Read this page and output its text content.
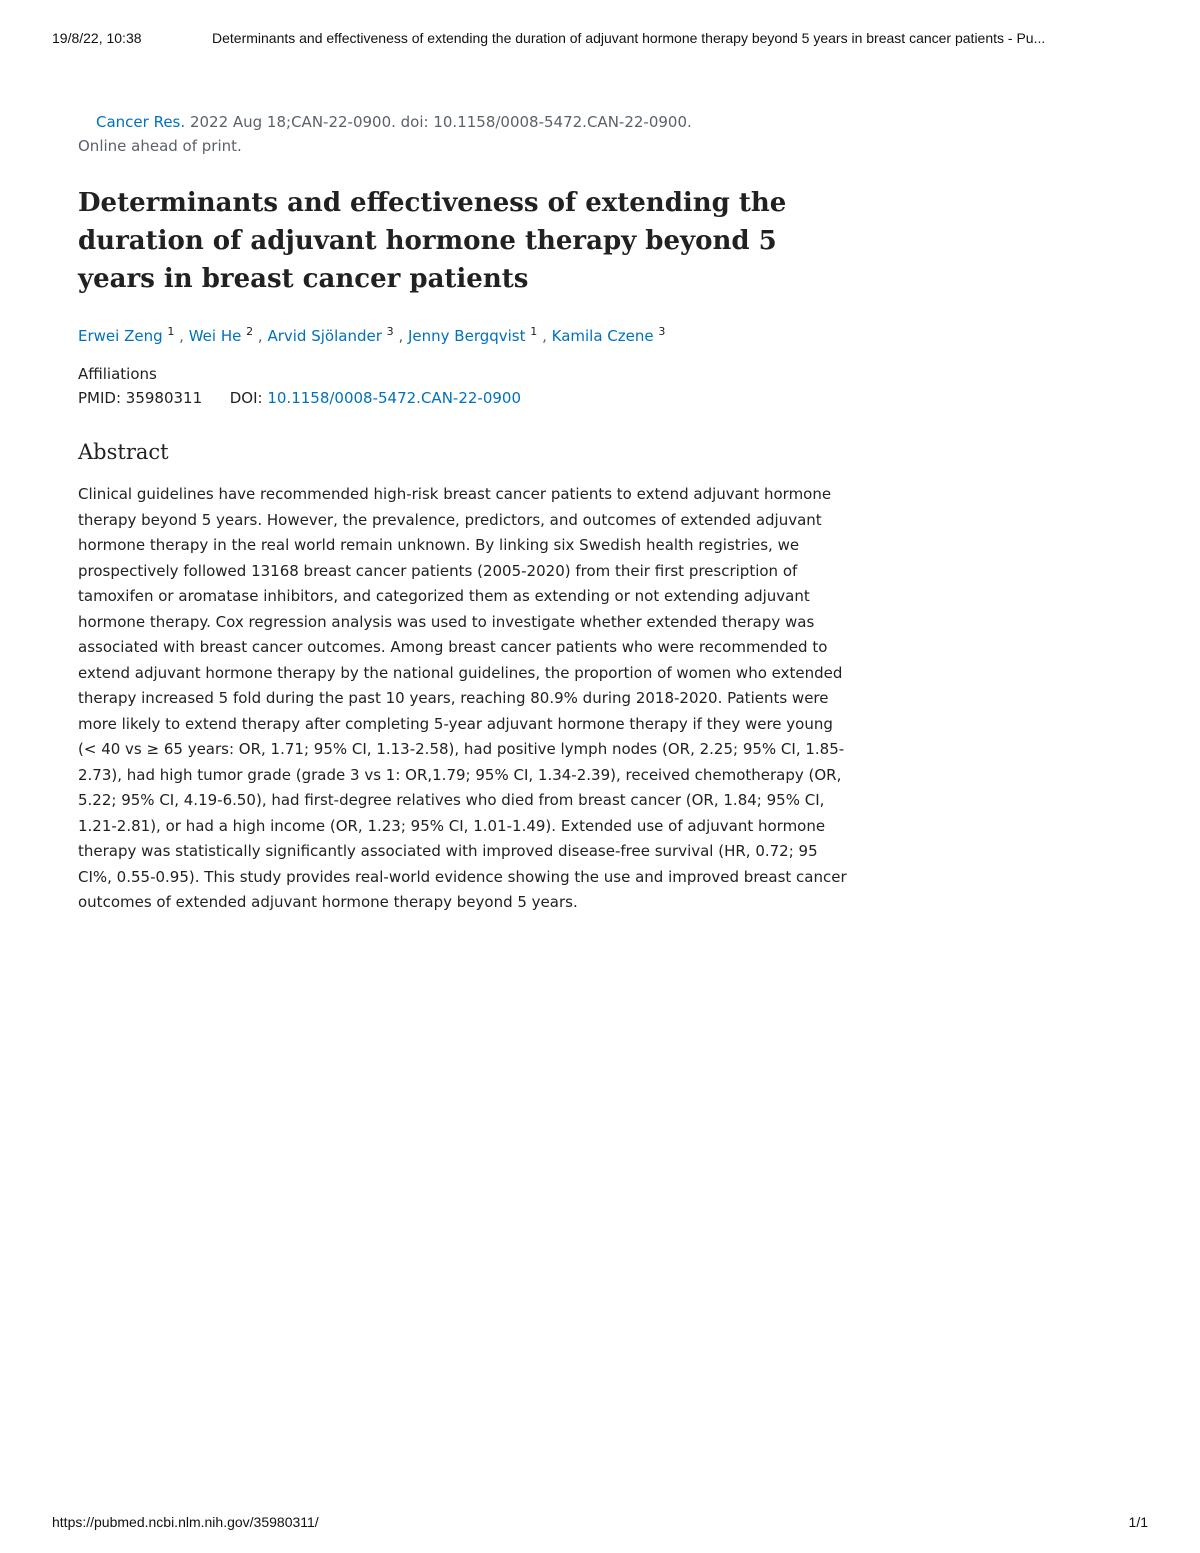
19/8/22, 10:38	Determinants and effectiveness of extending the duration of adjuvant hormone therapy beyond 5 years in breast cancer patients - Pu...
Cancer Res. 2022 Aug 18;CAN-22-0900. doi: 10.1158/0008-5472.CAN-22-0900.
Online ahead of print.
Determinants and effectiveness of extending the duration of adjuvant hormone therapy beyond 5 years in breast cancer patients
Erwei Zeng $^1$ , Wei He $^2$ , Arvid Sjölander $^3$ , Jenny Bergqvist $^1$ , Kamila Czene $^3$
Affiliations
PMID: 35980311 DOI: 10.1158/0008-5472.CAN-22-0900
Abstract
Clinical guidelines have recommended high-risk breast cancer patients to extend adjuvant hormone therapy beyond 5 years. However, the prevalence, predictors, and outcomes of extended adjuvant hormone therapy in the real world remain unknown. By linking six Swedish health registries, we prospectively followed 13168 breast cancer patients (2005-2020) from their first prescription of tamoxifen or aromatase inhibitors, and categorized them as extending or not extending adjuvant hormone therapy. Cox regression analysis was used to investigate whether extended therapy was associated with breast cancer outcomes. Among breast cancer patients who were recommended to extend adjuvant hormone therapy by the national guidelines, the proportion of women who extended therapy increased 5 fold during the past 10 years, reaching 80.9% during 2018-2020. Patients were more likely to extend therapy after completing 5-year adjuvant hormone therapy if they were young (< 40 vs ≥ 65 years: OR, 1.71; 95% CI, 1.13-2.58), had positive lymph nodes (OR, 2.25; 95% CI, 1.85-2.73), had high tumor grade (grade 3 vs 1: OR,1.79; 95% CI, 1.34-2.39), received chemotherapy (OR, 5.22; 95% CI, 4.19-6.50), had first-degree relatives who died from breast cancer (OR, 1.84; 95% CI, 1.21-2.81), or had a high income (OR, 1.23; 95% CI, 1.01-1.49). Extended use of adjuvant hormone therapy was statistically significantly associated with improved disease-free survival (HR, 0.72; 95 CI%, 0.55-0.95). This study provides real-world evidence showing the use and improved breast cancer outcomes of extended adjuvant hormone therapy beyond 5 years.
https://pubmed.ncbi.nlm.nih.gov/35980311/	1/1
